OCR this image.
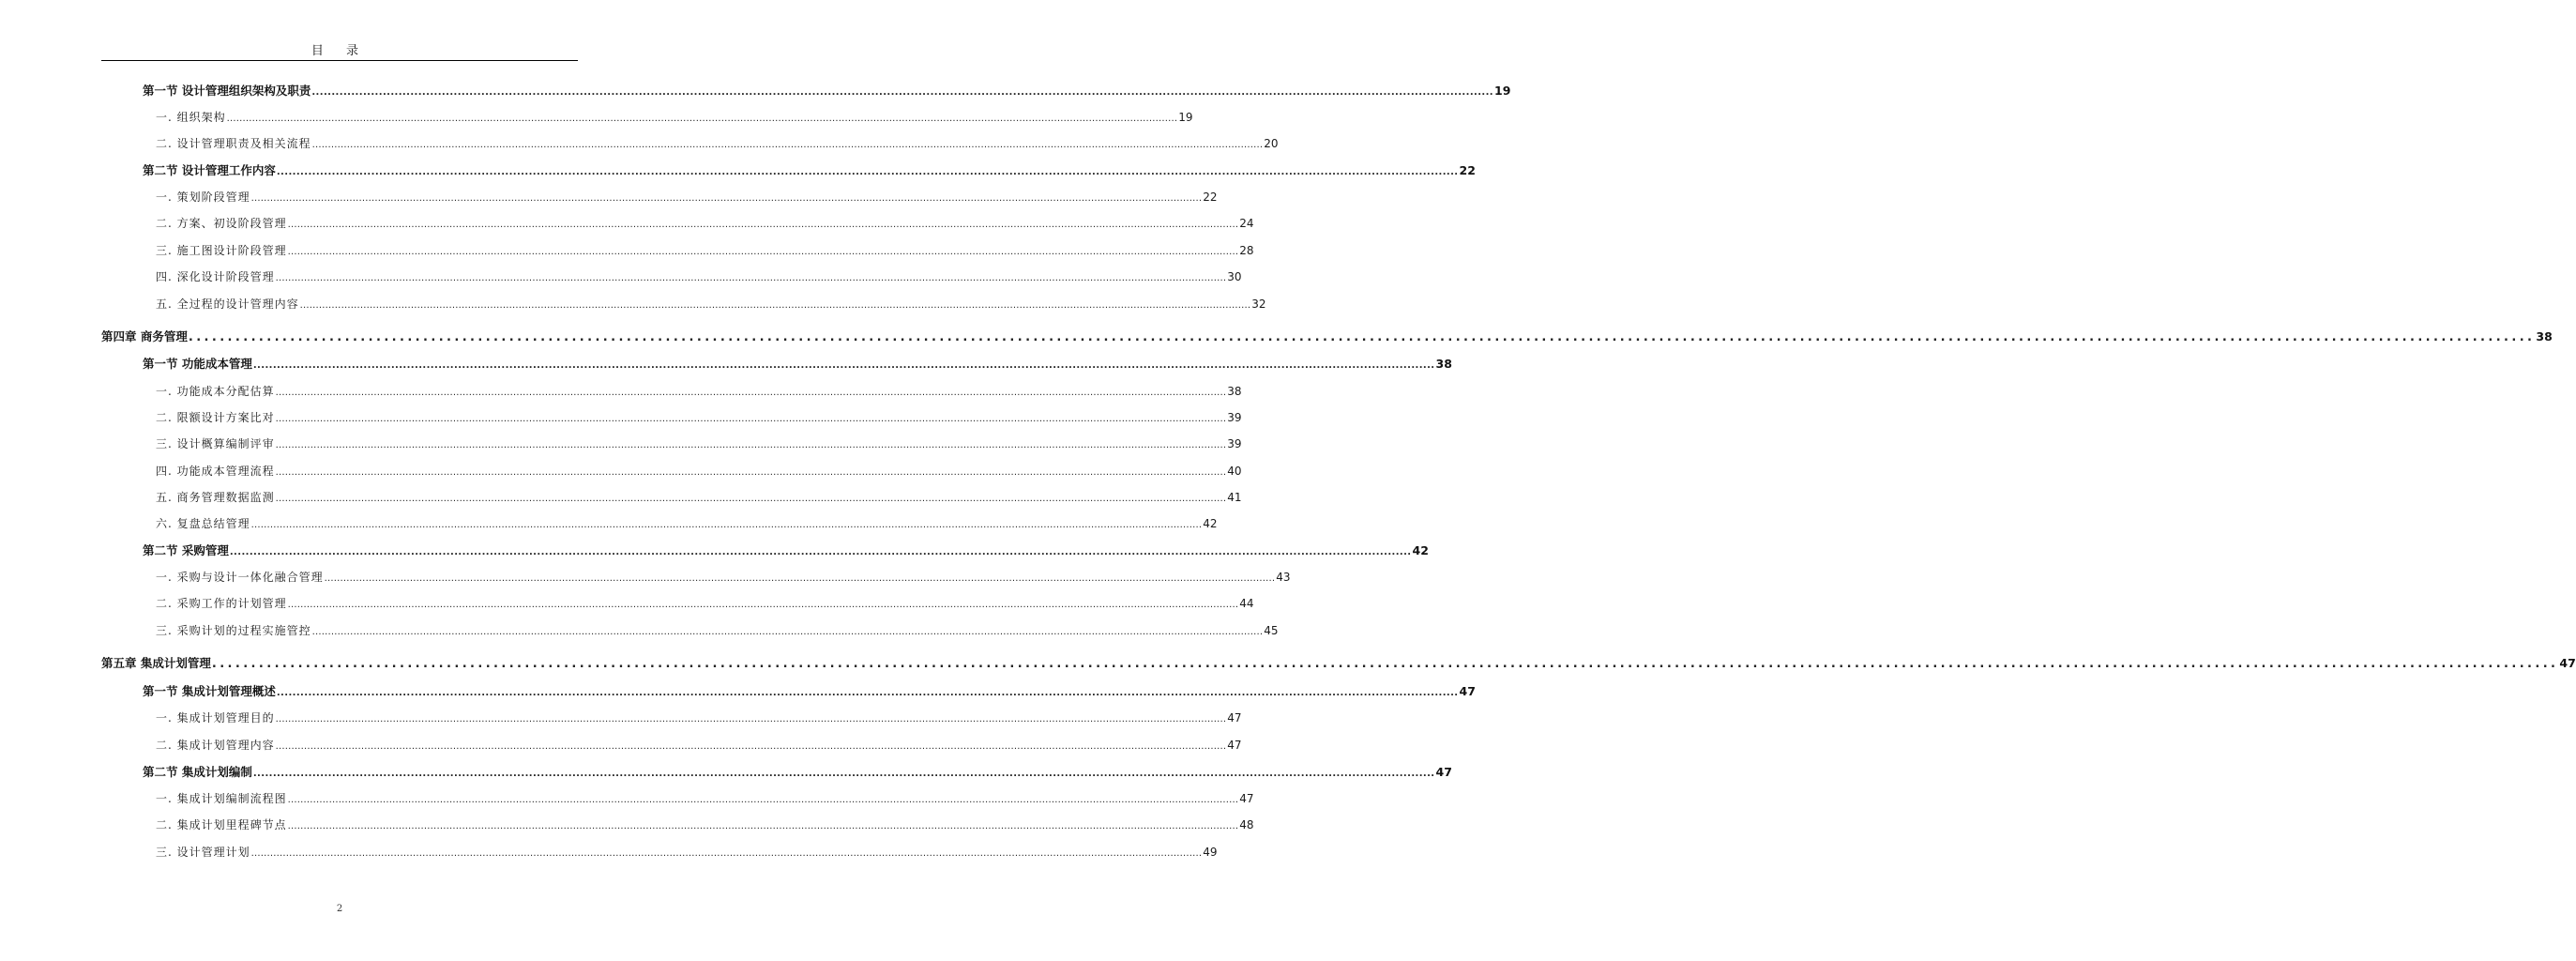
目 录
第一节 设计管理组织架构及职责 ............................................................................................................................................................................................................................................................................................................ 19
一. 组织架构 ............................................................................................................................................................................................................................................................................................................ 19
二. 设计管理职责及相关流程 ............................................................................................................................................................................................................................................................................................................ 20
第二节 设计管理工作内容 ............................................................................................................................................................................................................................................................................................................ 22
一. 策划阶段管理 ............................................................................................................................................................................................................................................................................................................ 22
二. 方案、初设阶段管理 ............................................................................................................................................................................................................................................................................................................ 24
三. 施工图设计阶段管理 ............................................................................................................................................................................................................................................................................................................ 28
四. 深化设计阶段管理 ............................................................................................................................................................................................................................................................................................................ 30
五. 全过程的设计管理内容 ............................................................................................................................................................................................................................................................................................................ 32
第四章 商务管理 ............................................................................................................................................................................................................................................................................................................ 38
第一节 功能成本管理 ............................................................................................................................................................................................................................................................................................................ 38
一. 功能成本分配估算 ............................................................................................................................................................................................................................................................................................................ 38
二. 限额设计方案比对 ............................................................................................................................................................................................................................................................................................................ 39
三. 设计概算编制评审 ............................................................................................................................................................................................................................................................................................................ 39
四. 功能成本管理流程 ............................................................................................................................................................................................................................................................................................................ 40
五. 商务管理数据监测 ............................................................................................................................................................................................................................................................................................................ 41
六. 复盘总结管理 ............................................................................................................................................................................................................................................................................................................ 42
第二节 采购管理 ............................................................................................................................................................................................................................................................................................................ 42
一. 采购与设计一体化融合管理 ............................................................................................................................................................................................................................................................................................................ 43
二. 采购工作的计划管理 ............................................................................................................................................................................................................................................................................................................ 44
三. 采购计划的过程实施管控 ............................................................................................................................................................................................................................................................................................................ 45
第五章 集成计划管理 ............................................................................................................................................................................................................................................................................................................ 47
第一节 集成计划管理概述 ............................................................................................................................................................................................................................................................................................................ 47
一. 集成计划管理目的 ............................................................................................................................................................................................................................................................................................................ 47
二. 集成计划管理内容 ............................................................................................................................................................................................................................................................................................................ 47
第二节 集成计划编制 ............................................................................................................................................................................................................................................................................................................ 47
一. 集成计划编制流程图 ............................................................................................................................................................................................................................................................................................................ 47
二. 集成计划里程碑节点 ............................................................................................................................................................................................................................................................................................................ 48
三. 设计管理计划 ............................................................................................................................................................................................................................................................................................................ 49
2
